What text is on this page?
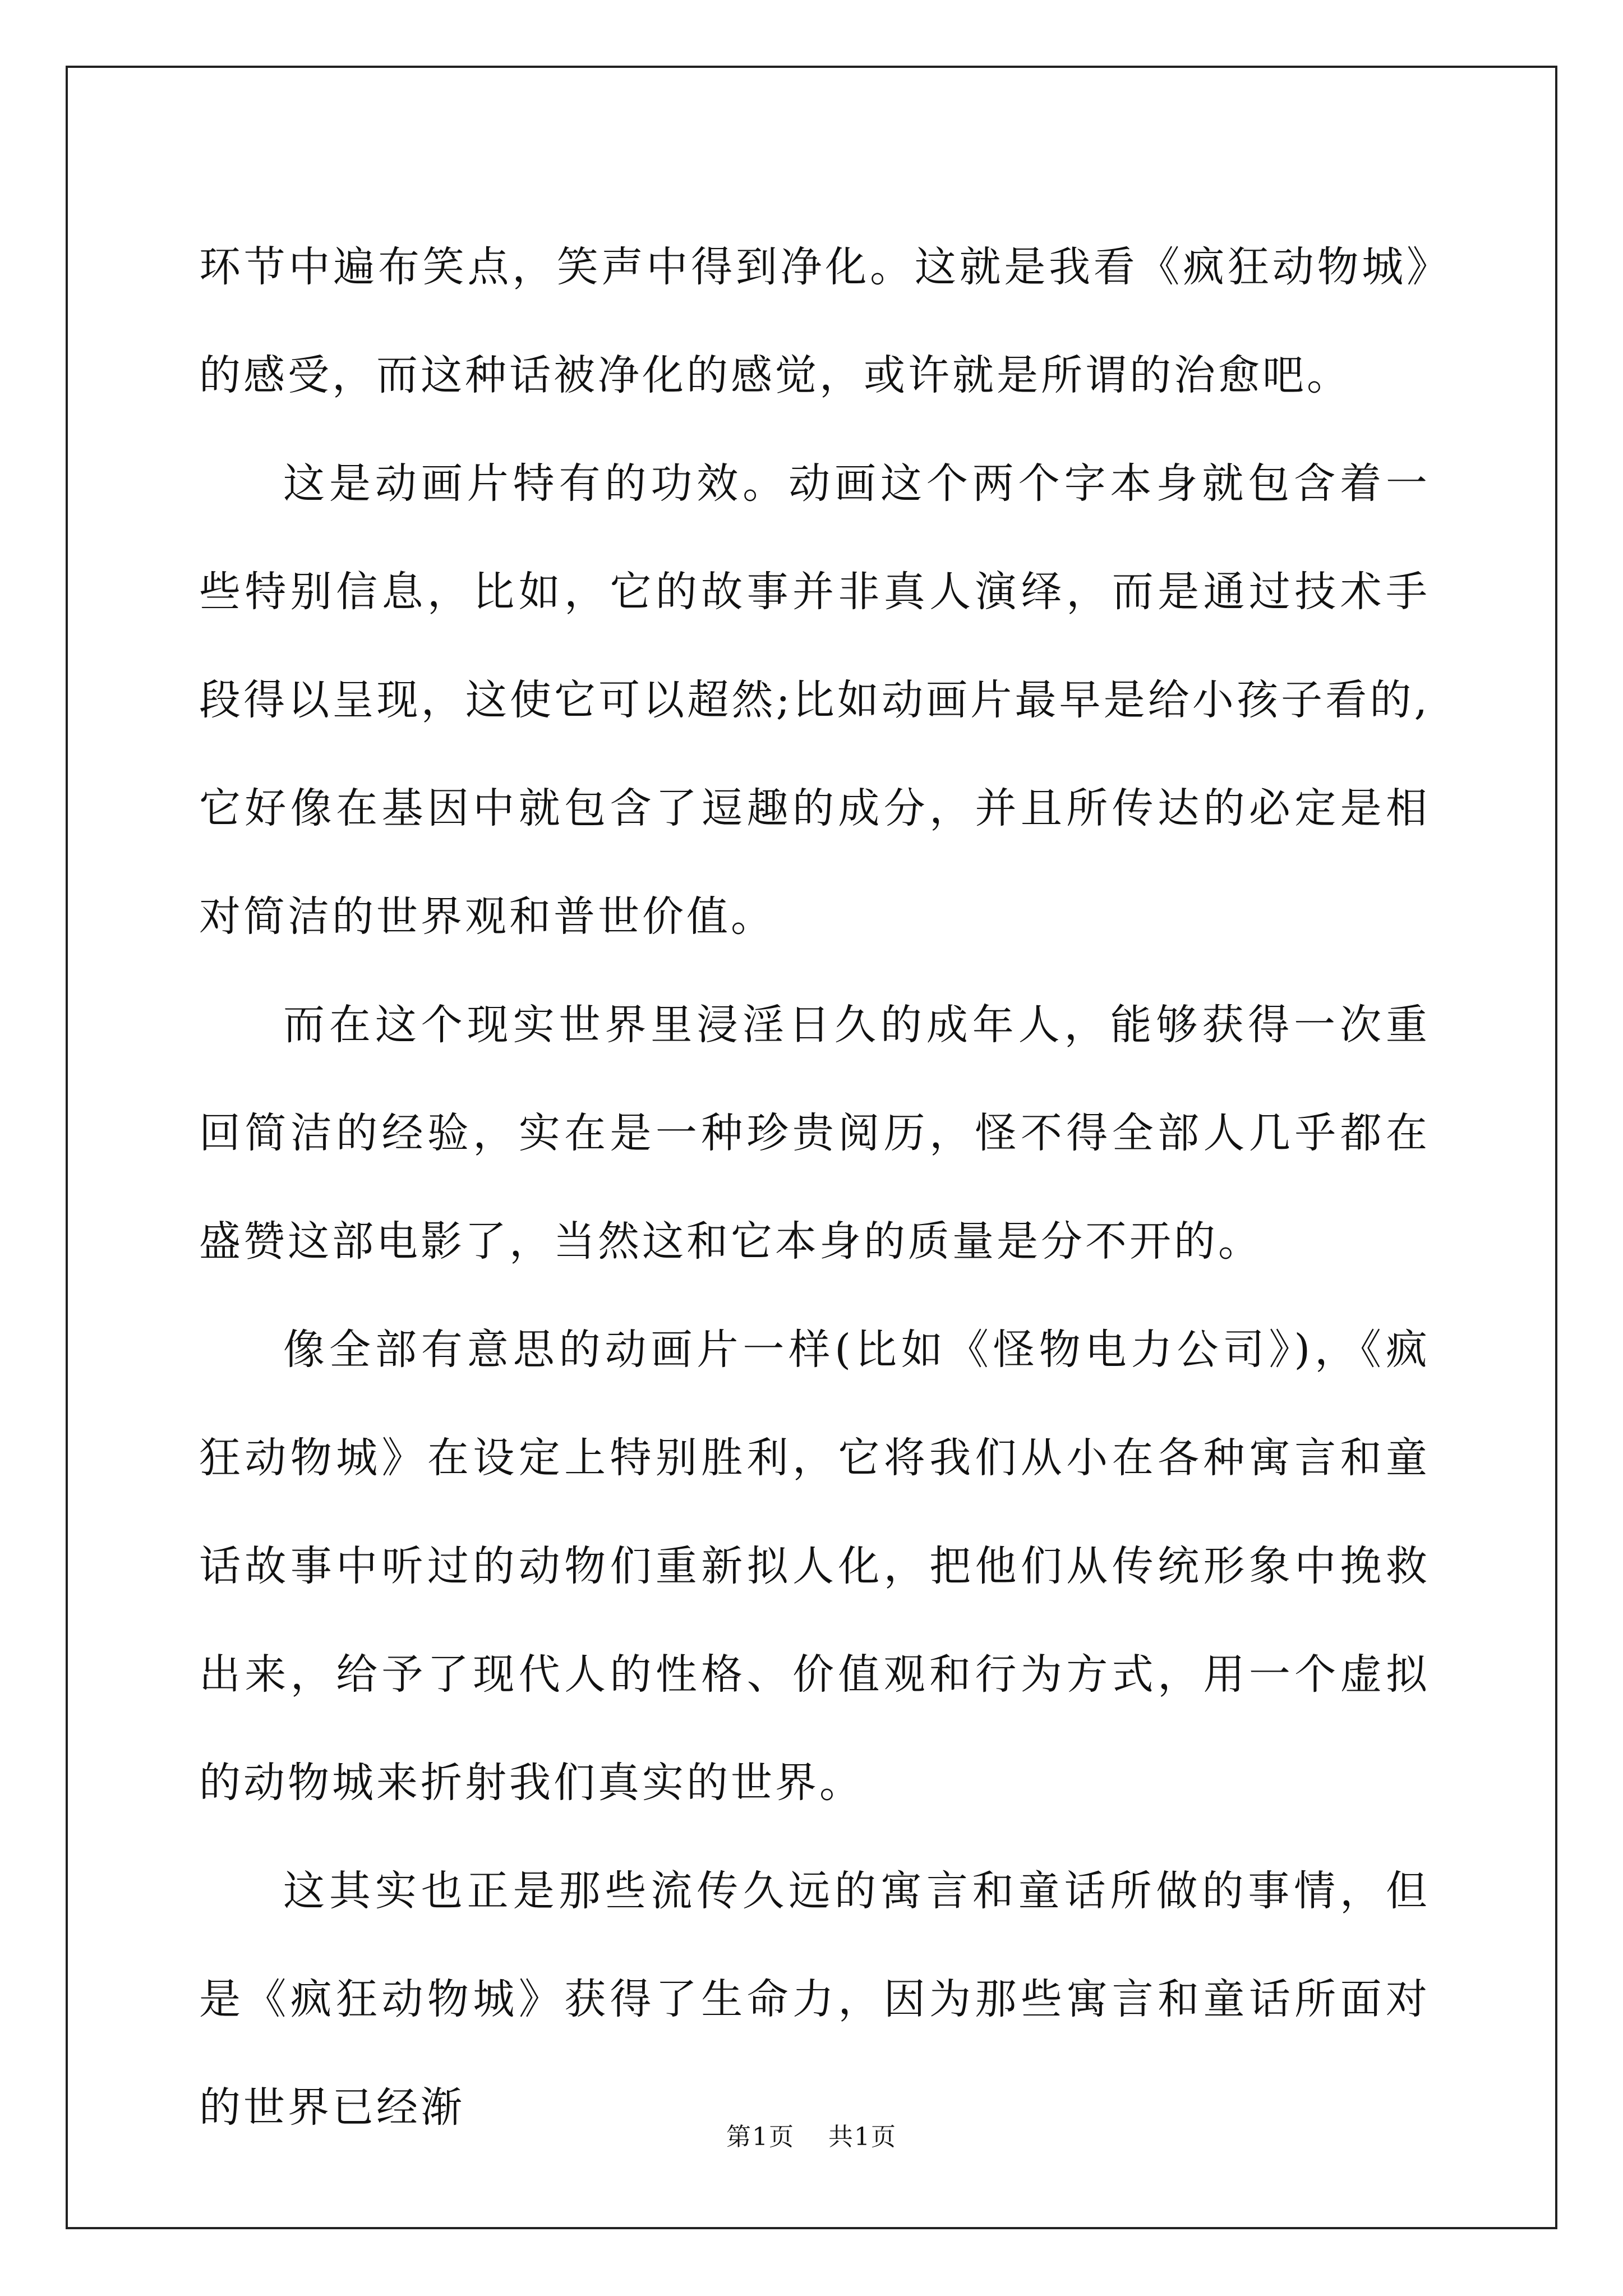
环节中遍布笑点，笑声中得到净化。这就是我看《疯狂动物城》的感受，而这种话被净化的感觉，或许就是所谓的治愈吧。

这是动画片特有的功效。动画这个两个字本身就包含着一些特别信息，比如，它的故事并非真人演绎，而是通过技术手段得以呈现，这使它可以超然;比如动画片最早是给小孩子看的,它好像在基因中就包含了逗趣的成分，并且所传达的必定是相对简洁的世界观和普世价值。

而在这个现实世界里浸淫日久的成年人，能够获得一次重回简洁的经验，实在是一种珍贵阅历，怪不得全部人几乎都在盛赞这部电影了，当然这和它本身的质量是分不开的。

像全部有意思的动画片一样(比如《怪物电力公司》)，《疯狂动物城》在设定上特别胜利，它将我们从小在各种寓言和童话故事中听过的动物们重新拟人化，把他们从传统形象中挽救出来，给予了现代人的性格、价值观和行为方式，用一个虚拟的动物城来折射我们真实的世界。

这其实也正是那些流传久远的寓言和童话所做的事情，但是《疯狂动物城》获得了生命力，因为那些寓言和童话所面对的世界已经渐

第1页 共1页
